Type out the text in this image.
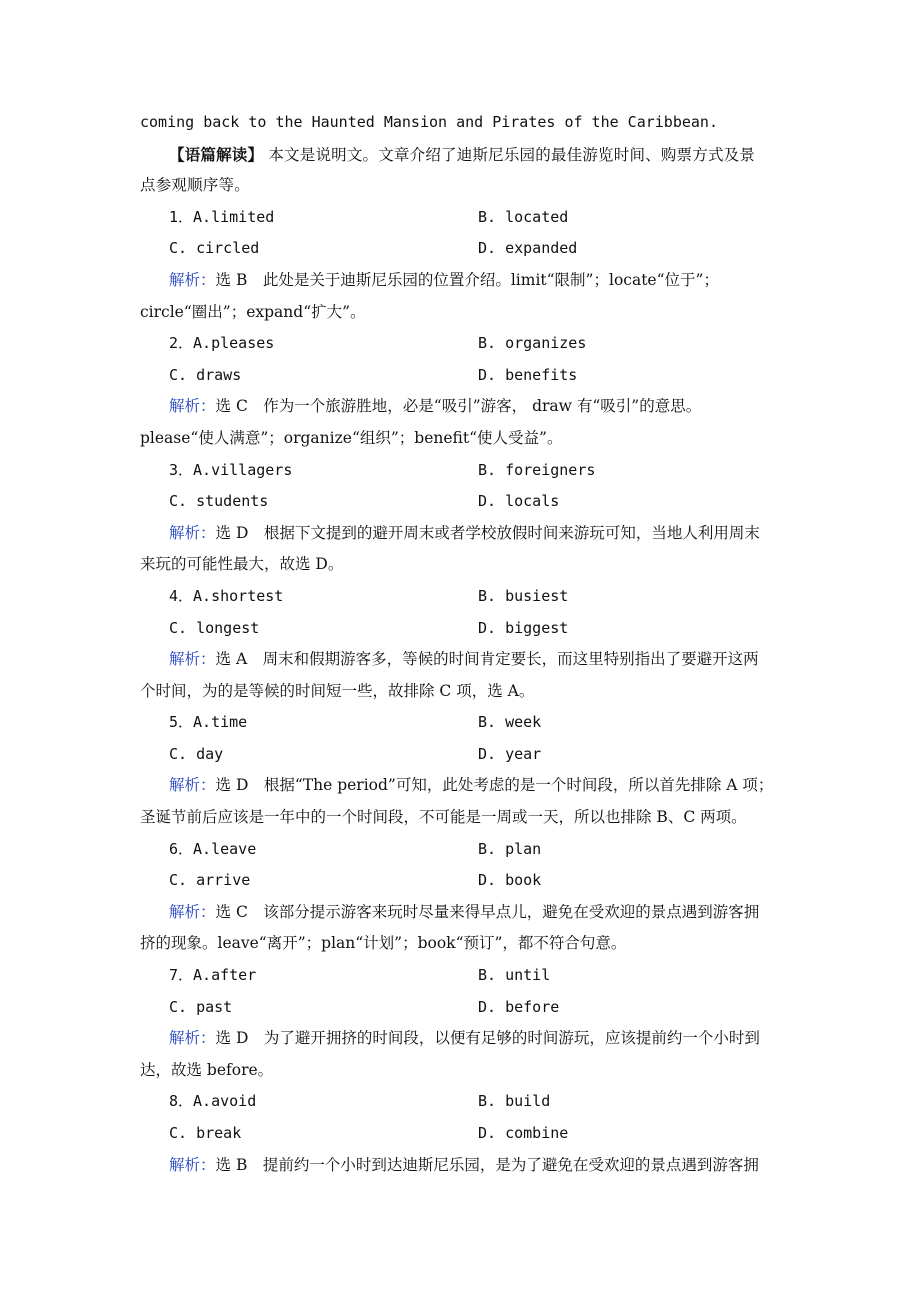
coming back to the Haunted Mansion and Pirates of the Caribbean.
【语篇解读】 本文是说明文。文章介绍了迪斯尼乐园的最佳游览时间、购票方式及景
点参观顺序等。
1．A.limited	B. located
C. circled	D. expanded
解析：选 B　此处是关于迪斯尼乐园的位置介绍。limit“限制”；locate“位于”；
circle“圈出”；expand“扩大”。
2．A.pleases	B. organizes
C. draws	D. benefits
解析：选 C　作为一个旅游胜地，必是“吸引”游客， draw 有“吸引”的意思。
please“使人满意”；organize“组织”；benefit“使人受益”。
3．A.villagers	B. foreigners
C. students	D. locals
解析：选 D　根据下文提到的避开周末或者学校放假时间来游玩可知，当地人利用周末
来玩的可能性最大，故选 D。
4．A.shortest	B. busiest
C. longest	D. biggest
解析：选 A　周末和假期游客多，等候的时间肯定要长，而这里特别指出了要避开这两
个时间，为的是等候的时间短一些，故排除 C 项，选 A。
5．A.time	B. week
C. day	D. year
解析：选 D　根据“The period”可知，此处考虑的是一个时间段，所以首先排除 A 项；
圣诞节前后应该是一年中的一个时间段，不可能是一周或一天，所以也排除 B、C 两项。
6．A.leave	B. plan
C. arrive	D. book
解析：选 C　该部分提示游客来玩时尽量来得早点儿，避免在受欢迎的景点遇到游客拥
挤的现象。leave“离开”；plan“计划”；book“预订”，都不符合句意。
7．A.after	B. until
C. past	D. before
解析：选 D　为了避开拥挤的时间段，以便有足够的时间游玩，应该提前约一个小时到
达，故选 before。
8．A.avoid	B. build
C. break	D. combine
解析：选 B　提前约一个小时到达迪斯尼乐园，是为了避免在受欢迎的景点遇到游客拥
